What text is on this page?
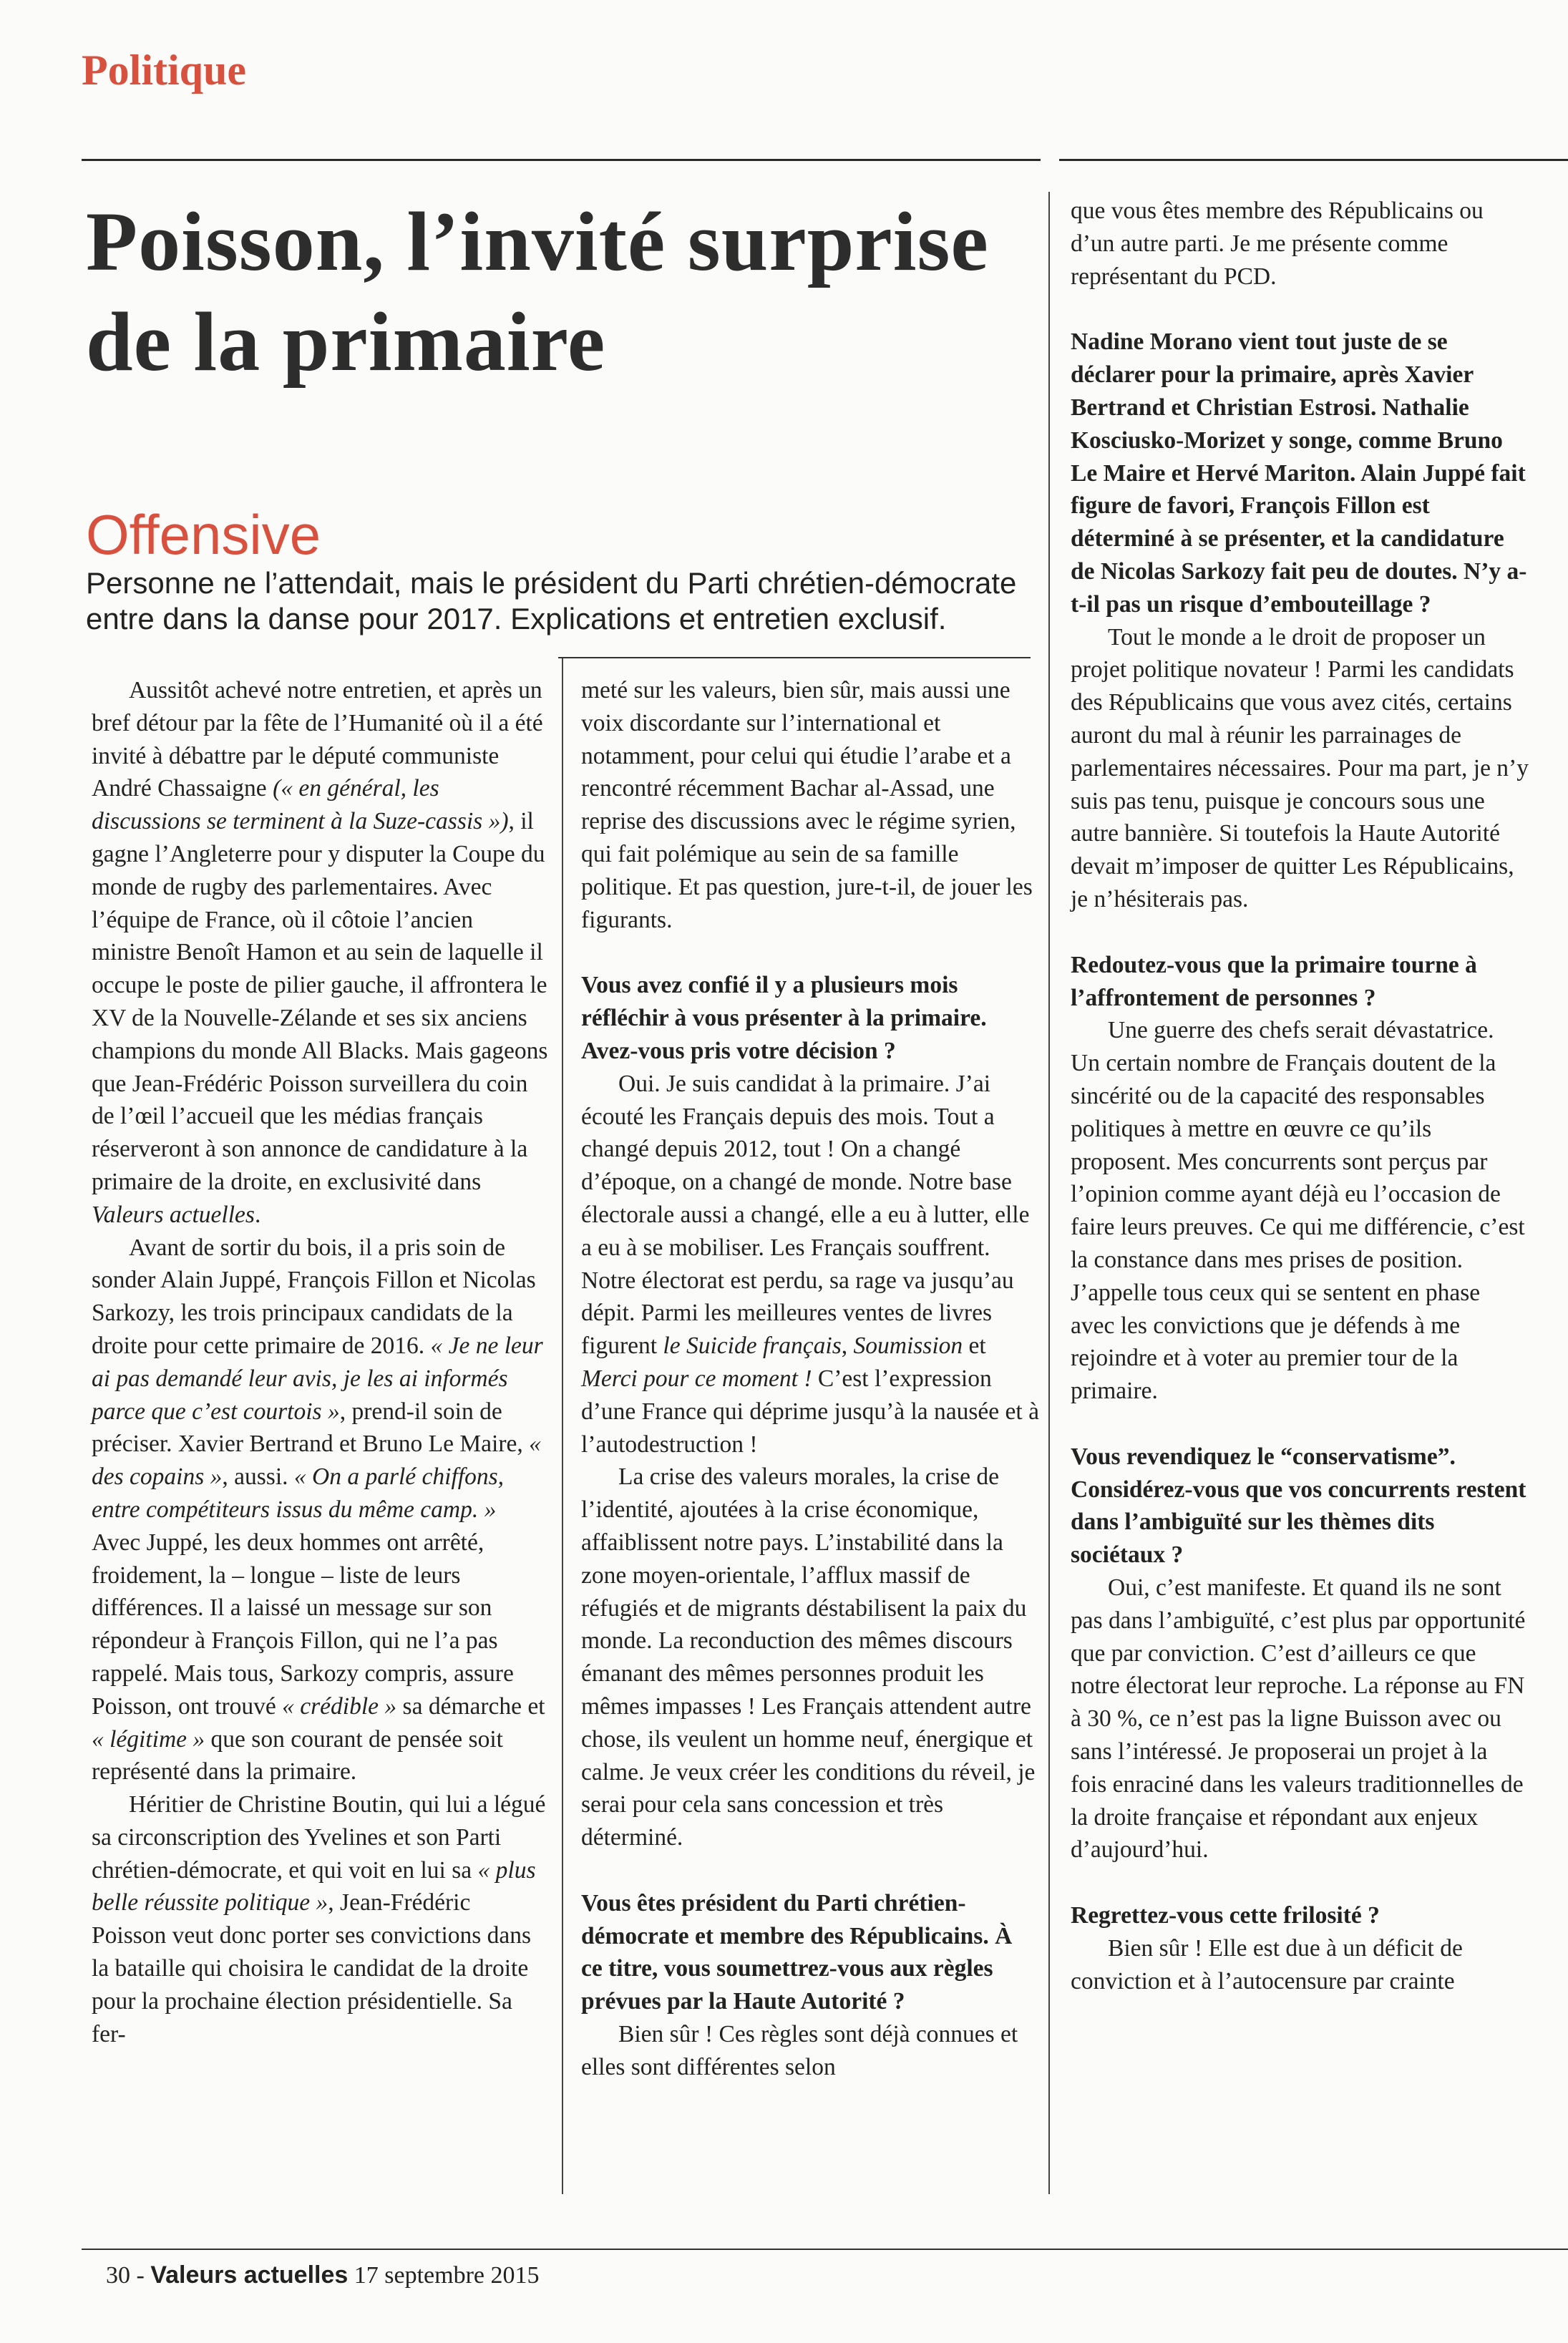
Politique
Poisson, l’invité surprise de la primaire
Offensive
Personne ne l’attendait, mais le président du Parti chrétien-démocrate entre dans la danse pour 2017. Explications et entretien exclusif.

Aussitôt achevé notre entretien, et après un bref détour par la fête de l’Humanité où il a été invité à débattre par le député communiste André Chassaigne (« en général, les discussions se terminent à la Suze-cassis »), il gagne l’Angleterre pour y disputer la Coupe du monde de rugby des parlementaires. Avec l’équipe de France, où il côtoie l’ancien ministre Benoît Hamon et au sein de laquelle il occupe le poste de pilier gauche, il affrontera le XV de la Nouvelle-Zélande et ses six anciens champions du monde All Blacks. Mais gageons que Jean-Frédéric Poisson surveillera du coin de l’œil l’accueil que les médias français réserveront à son annonce de candidature à la primaire de la droite, en exclusivité dans Valeurs actuelles.

Avant de sortir du bois, il a pris soin de sonder Alain Juppé, François Fillon et Nicolas Sarkozy, les trois principaux candidats de la droite pour cette primaire de 2016. « Je ne leur ai pas demandé leur avis, je les ai informés parce que c’est courtois », prend-il soin de préciser. Xavier Bertrand et Bruno Le Maire, « des copains », aussi. « On a parlé chiffons, entre compétiteurs issus du même camp. » Avec Juppé, les deux hommes ont arrêté, froidement, la – longue – liste de leurs différences. Il a laissé un message sur son répondeur à François Fillon, qui ne l’a pas rappelé. Mais tous, Sarkozy compris, assure Poisson, ont trouvé « crédible » sa démarche et « légitime » que son courant de pensée soit représenté dans la primaire.

Héritier de Christine Boutin, qui lui a légué sa circonscription des Yvelines et son Parti chrétien-démocrate, et qui voit en lui sa « plus belle réussite politique », Jean-Frédéric Poisson veut donc porter ses convictions dans la bataille qui choisira le candidat de la droite pour la prochaine élection présidentielle. Sa fer-

meté sur les valeurs, bien sûr, mais aussi une voix discordante sur l’international et notamment, pour celui qui étudie l’arabe et a rencontré récemment Bachar al-Assad, une reprise des discussions avec le régime syrien, qui fait polémique au sein de sa famille politique. Et pas question, jure-t-il, de jouer les figurants.

Vous avez confié il y a plusieurs mois réfléchir à vous présenter à la primaire. Avez-vous pris votre décision ?

Oui. Je suis candidat à la primaire. J’ai écouté les Français depuis des mois. Tout a changé depuis 2012, tout ! On a changé d’époque, on a changé de monde. Notre base électorale aussi a changé, elle a eu à lutter, elle a eu à se mobiliser. Les Français souffrent. Notre électorat est perdu, sa rage va jusqu’au dépit. Parmi les meilleures ventes de livres figurent le Suicide français, Soumission et Merci pour ce moment ! C’est l’expression d’une France qui déprime jusqu’à la nausée et à l’autodestruction !

La crise des valeurs morales, la crise de l’identité, ajoutées à la crise économique, affaiblissent notre pays. L’instabilité dans la zone moyen-orientale, l’afflux massif de réfugiés et de migrants déstabilisent la paix du monde. La reconduction des mêmes discours émanant des mêmes personnes produit les mêmes impasses ! Les Français attendent autre chose, ils veulent un homme neuf, énergique et calme. Je veux créer les conditions du réveil, je serai pour cela sans concession et très déterminé.

Vous êtes président du Parti chrétien-démocrate et membre des Républicains. À ce titre, vous soumettrez-vous aux règles prévues par la Haute Autorité ?

Bien sûr ! Ces règles sont déjà connues et elles sont différentes selon

que vous êtes membre des Républicains ou d’un autre parti. Je me présente comme représentant du PCD.

Nadine Morano vient tout juste de se déclarer pour la primaire, après Xavier Bertrand et Christian Estrosi. Nathalie Kosciusko-Morizet y songe, comme Bruno Le Maire et Hervé Mariton. Alain Juppé fait figure de favori, François Fillon est déterminé à se présenter, et la candidature de Nicolas Sarkozy fait peu de doutes. N’y a-t-il pas un risque d’embouteillage ?

Tout le monde a le droit de proposer un projet politique novateur ! Parmi les candidats des Républicains que vous avez cités, certains auront du mal à réunir les parrainages de parlementaires nécessaires. Pour ma part, je n’y suis pas tenu, puisque je concours sous une autre bannière. Si toutefois la Haute Autorité devait m’imposer de quitter Les Républicains, je n’hésiterais pas.

Redoutez-vous que la primaire tourne à l’affrontement de personnes ?

Une guerre des chefs serait dévastatrice. Un certain nombre de Français doutent de la sincérité ou de la capacité des responsables politiques à mettre en œuvre ce qu’ils proposent. Mes concurrents sont perçus par l’opinion comme ayant déjà eu l’occasion de faire leurs preuves. Ce qui me différencie, c’est la constance dans mes prises de position. J’appelle tous ceux qui se sentent en phase avec les convictions que je défends à me rejoindre et à voter au premier tour de la primaire.

Vous revendiquez le “conservatisme”. Considérez-vous que vos concurrents restent dans l’ambiguïté sur les thèmes dits sociétaux ?

Oui, c’est manifeste. Et quand ils ne sont pas dans l’ambiguïté, c’est plus par opportunité que par conviction. C’est d’ailleurs ce que notre électorat leur reproche. La réponse au FN à 30 %, ce n’est pas la ligne Buisson avec ou sans l’intéressé. Je proposerai un projet à la fois enraciné dans les valeurs traditionnelles de la droite française et répondant aux enjeux d’aujourd’hui.

Regrettez-vous cette frilosité ?

Bien sûr ! Elle est due à un déficit de conviction et à l’autocensure par crainte

30 - Valeurs actuelles 17 septembre 2015
